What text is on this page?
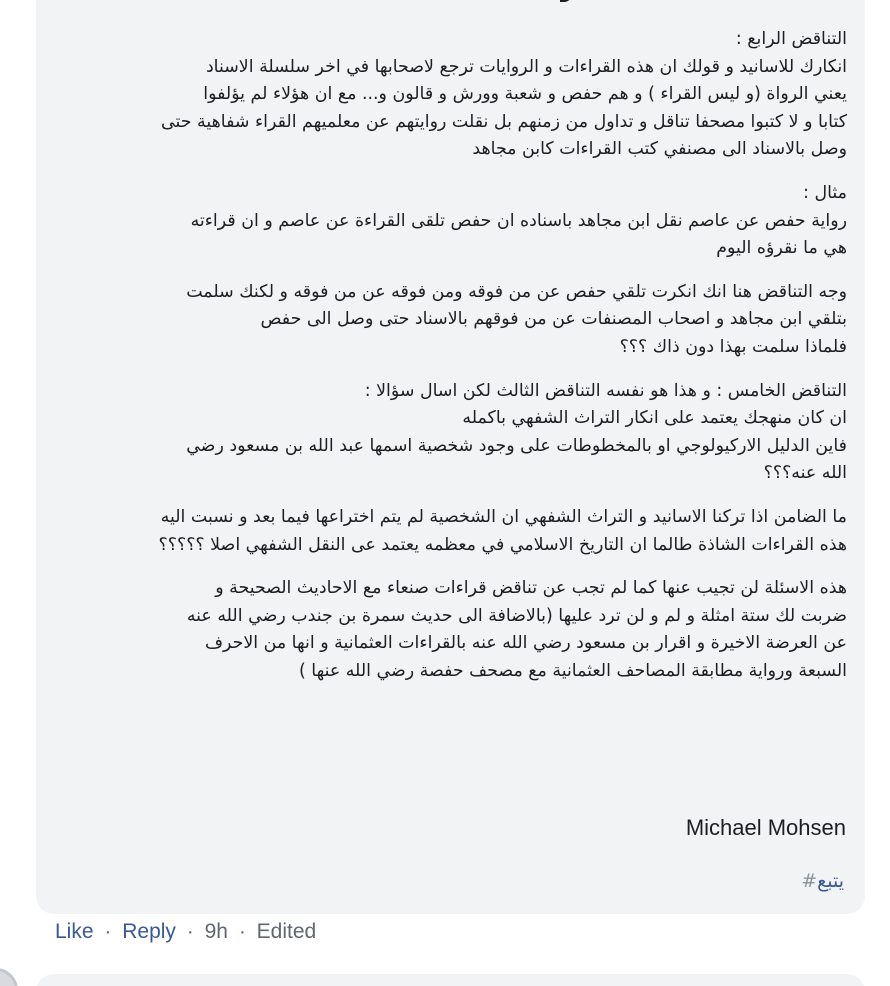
التناقض الرابع :
انكارك للاسانيد و قولك ان هذه القراءات و الروايات ترجع لاصحابها في اخر سلسلة الاسناد
يعني الرواة (و ليس القراء ) و هم حفص و شعبة وورش و قالون و... مع ان هؤلاء لم يؤلفوا
كتابا و لا كتبوا مصحفا تناقل و تداول من زمنهم بل نقلت روايتهم عن معلميهم القراء شفاهية حتى
وصل بالاسناد الى مصنفي كتب القراءات كابن مجاهد
مثال :
رواية حفص عن عاصم نقل ابن مجاهد باسناده ان حفص تلقى القراءة عن عاصم و ان قراءته
هي ما نقرؤه اليوم
وجه التناقض هنا انك انكرت تلقي حفص عن من فوقه ومن فوقه عن من فوقه و لكنك سلمت
بتلقي ابن مجاهد و اصحاب المصنفات عن من فوقهم بالاسناد حتى وصل الى حفص
فلماذا سلمت بهذا دون ذاك ؟؟؟
التناقض الخامس : و هذا هو نفسه التناقض الثالث لكن اسال سؤالا :
ان كان منهجك يعتمد على انكار التراث الشفهي باكمله
فاين الدليل الاركيولوجي او بالمخطوطات على وجود شخصية اسمها عبد الله بن مسعود رضي
الله عنه؟؟؟
ما الضامن اذا تركنا الاسانيد و التراث الشفهي ان الشخصية لم يتم اختراعها فيما بعد و نسبت اليه
هذه القراءات الشاذة طالما ان التاريخ الاسلامي في معظمه يعتمد عى النقل الشفهي اصلا ؟؟؟؟؟
هذه الاسئلة لن تجيب عنها كما لم تجب عن تناقض قراءات صنعاء مع الاحاديث الصحيحة و
ضربت لك ستة امثلة و لم و لن ترد عليها (بالاضافة الى حديث سمرة بن جندب رضي الله عنه
عن العرضة الاخيرة و اقرار بن مسعود رضي الله عنه بالقراءات العثمانية و انها من الاحرف
السبعة ورواية مطابقة المصاحف العثمانية مع مصحف حفصة رضي الله عنها )
Michael Mohsen
#يتبع
Like · Reply · 9h · Edited
